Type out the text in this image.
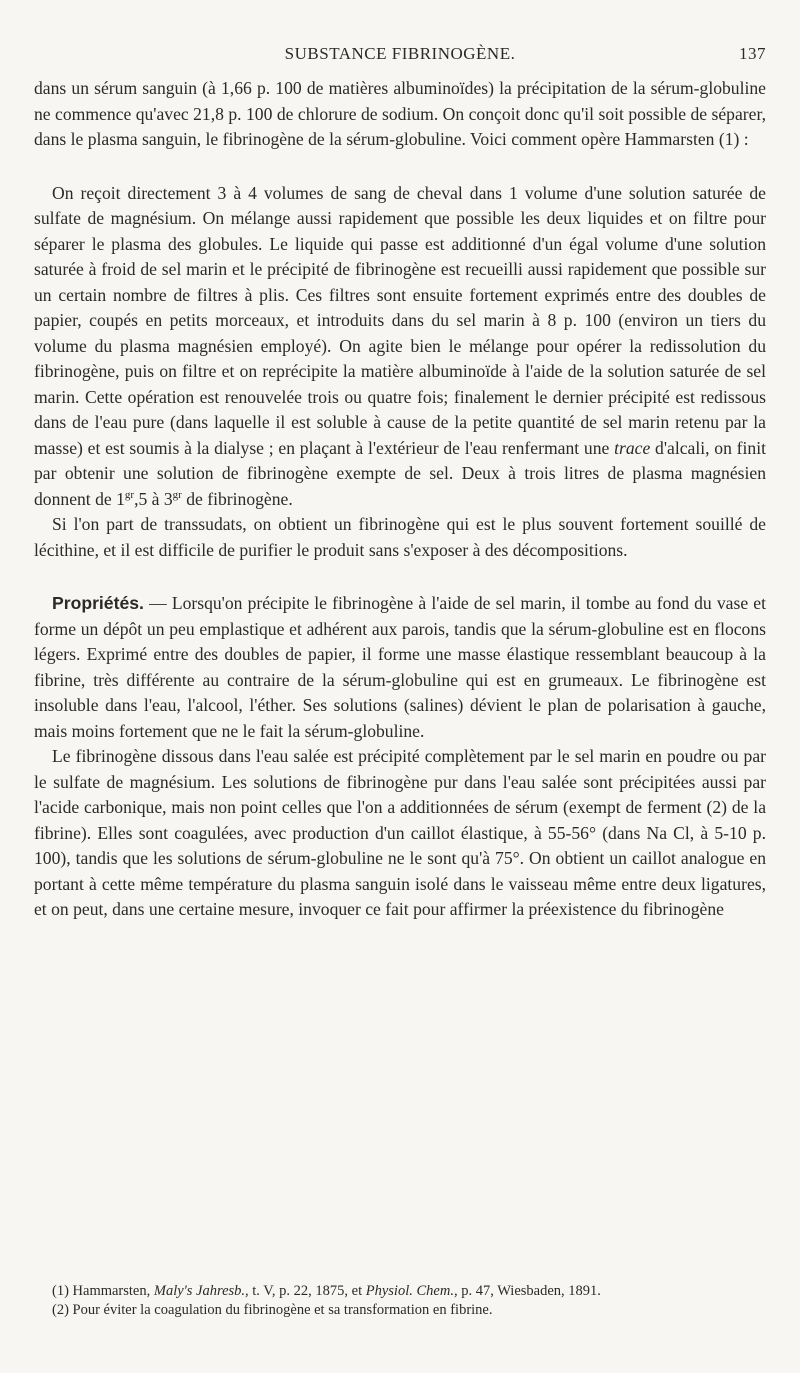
SUBSTANCE FIBRINOGÈNE.	137

dans un sérum sanguin (à 1,66 p. 100 de matières albuminoïdes) la précipitation de la sérum-globuline ne commence qu'avec 21,8 p. 100 de chlorure de sodium. On conçoit donc qu'il soit possible de séparer, dans le plasma sanguin, le fibrinogène de la sérum-globuline. Voici comment opère Hammarsten (1) :

On reçoit directement 3 à 4 volumes de sang de cheval dans 1 volume d'une solution saturée de sulfate de magnésium. On mélange aussi rapidement que possible les deux liquides et on filtre pour séparer le plasma des globules. Le liquide qui passe est additionné d'un égal volume d'une solution saturée à froid de sel marin et le précipité de fibrinogène est recueilli aussi rapidement que possible sur un certain nombre de filtres à plis. Ces filtres sont ensuite fortement exprimés entre des doubles de papier, coupés en petits morceaux, et introduits dans du sel marin à 8 p. 100 (environ un tiers du volume du plasma magnésien employé). On agite bien le mélange pour opérer la redissolution du fibrinogène, puis on filtre et on reprécipite la matière albuminoïde à l'aide de la solution saturée de sel marin. Cette opération est renouvelée trois ou quatre fois; finalement le dernier précipité est redissous dans de l'eau pure (dans laquelle il est soluble à cause de la petite quantité de sel marin retenu par la masse) et est soumis à la dialyse ; en plaçant à l'extérieur de l'eau renfermant une trace d'alcali, on finit par obtenir une solution de fibrinogène exempte de sel. Deux à trois litres de plasma magnésien donnent de $1^{gr},5$ à $3^{gr}$ de fibrinogène.

Si l'on part de transsudats, on obtient un fibrinogène qui est le plus souvent fortement souillé de lécithine, et il est difficile de purifier le produit sans s'exposer à des décompositions.

Propriétés. — Lorsqu'on précipite le fibrinogène à l'aide de sel marin, il tombe au fond du vase et forme un dépôt un peu emplastique et adhérent aux parois, tandis que la sérum-globuline est en flocons légers. Exprimé entre des doubles de papier, il forme une masse élastique ressemblant beaucoup à la fibrine, très différente au contraire de la sérum-globuline qui est en grumeaux. Le fibrinogène est insoluble dans l'eau, l'alcool, l'éther. Ses solutions (salines) dévient le plan de polarisation à gauche, mais moins fortement que ne le fait la sérum-globuline.

Le fibrinogène dissous dans l'eau salée est précipité complètement par le sel marin en poudre ou par le sulfate de magnésium. Les solutions de fibrinogène pur dans l'eau salée sont précipitées aussi par l'acide carbonique, mais non point celles que l'on a additionnées de sérum (exempt de ferment (2) de la fibrine). Elles sont coagulées, avec production d'un caillot élastique, à 55-56° (dans Na Cl, à 5-10 p. 100), tandis que les solutions de sérum-globuline ne le sont qu'à 75°. On obtient un caillot analogue en portant à cette même température du plasma sanguin isolé dans le vaisseau même entre deux ligatures, et on peut, dans une certaine mesure, invoquer ce fait pour affirmer la préexistence du fibrinogène

(1) Hammarsten, Maly's Jahresb., t. V, p. 22, 1875, et Physiol. Chem., p. 47, Wiesbaden, 1891.

(2) Pour éviter la coagulation du fibrinogène et sa transformation en fibrine.
